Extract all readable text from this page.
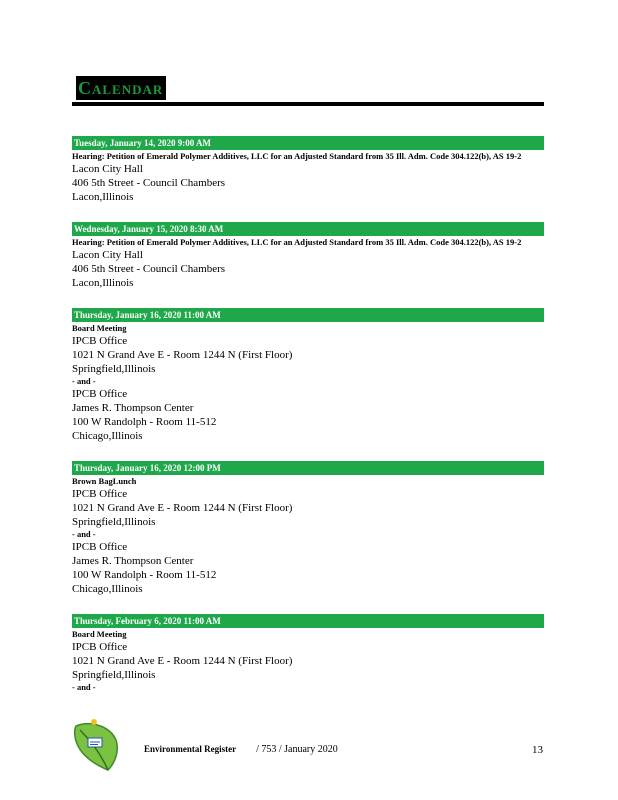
Calendar
Tuesday, January 14, 2020 9:00 AM
Hearing: Petition of Emerald Polymer Additives, LLC for an Adjusted Standard from 35 Ill. Adm. Code 304.122(b), AS 19-2
Lacon City Hall
406 5th Street - Council Chambers
Lacon,Illinois
Wednesday, January 15, 2020 8:30 AM
Hearing: Petition of Emerald Polymer Additives, LLC for an Adjusted Standard from 35 Ill. Adm. Code 304.122(b), AS 19-2
Lacon City Hall
406 5th Street - Council Chambers
Lacon,Illinois
Thursday, January 16, 2020 11:00 AM
Board Meeting
IPCB Office
1021 N Grand Ave E - Room 1244 N (First Floor)
Springfield,Illinois
- and -
IPCB Office
James R. Thompson Center
100 W Randolph - Room 11-512
Chicago,Illinois
Thursday, January 16, 2020 12:00 PM
Brown BagLunch
IPCB Office
1021 N Grand Ave E - Room 1244 N (First Floor)
Springfield,Illinois
- and -
IPCB Office
James R. Thompson Center
100 W Randolph - Room 11-512
Chicago,Illinois
Thursday, February 6, 2020 11:00 AM
Board Meeting
IPCB Office
1021 N Grand Ave E - Room 1244 N (First Floor)
Springfield,Illinois
- and -
Environmental Register / 753 / January 2020	13
